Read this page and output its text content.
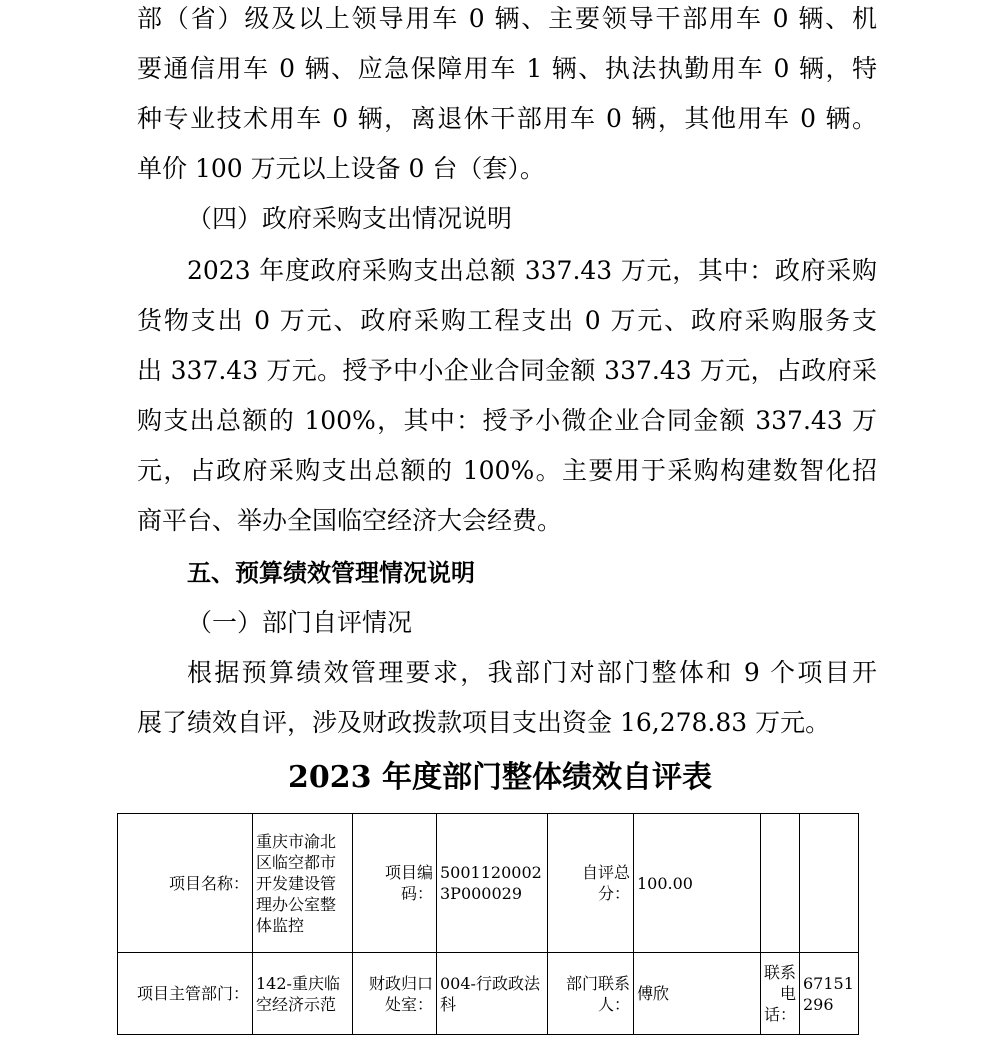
部（省）级及以上领导用车 0 辆、主要领导干部用车 0 辆、机
要通信用车 0 辆、应急保障用车 1 辆、执法执勤用车 0 辆，特
种专业技术用车 0 辆，离退休干部用车 0 辆，其他用车 0 辆。
单价 100 万元以上设备 0 台（套）。
（四）政府采购支出情况说明
2023 年度政府采购支出总额 337.43 万元，其中：政府采购
货物支出 0 万元、政府采购工程支出 0 万元、政府采购服务支
出 337.43 万元。授予中小企业合同金额 337.43 万元，占政府采
购支出总额的 100%，其中：授予小微企业合同金额 337.43 万
元，占政府采购支出总额的 100%。主要用于采购构建数智化招
商平台、举办全国临空经济大会经费。
五、预算绩效管理情况说明
（一）部门自评情况
根据预算绩效管理要求，我部门对部门整体和 9 个项目开
展了绩效自评，涉及财政拨款项目支出资金 16,278.83 万元。
2023 年度部门整体绩效自评表
项目名称：	重庆市渝北区临空都市开发建设管理办公室整体监控	项目编码：	50011200023P000029	自评总分：	100.00		
项目主管部门：	142-重庆临空经济示范	财政归口处室：	004-行政政法科	部门联系人：	傅欣	联系电话：	67151296
